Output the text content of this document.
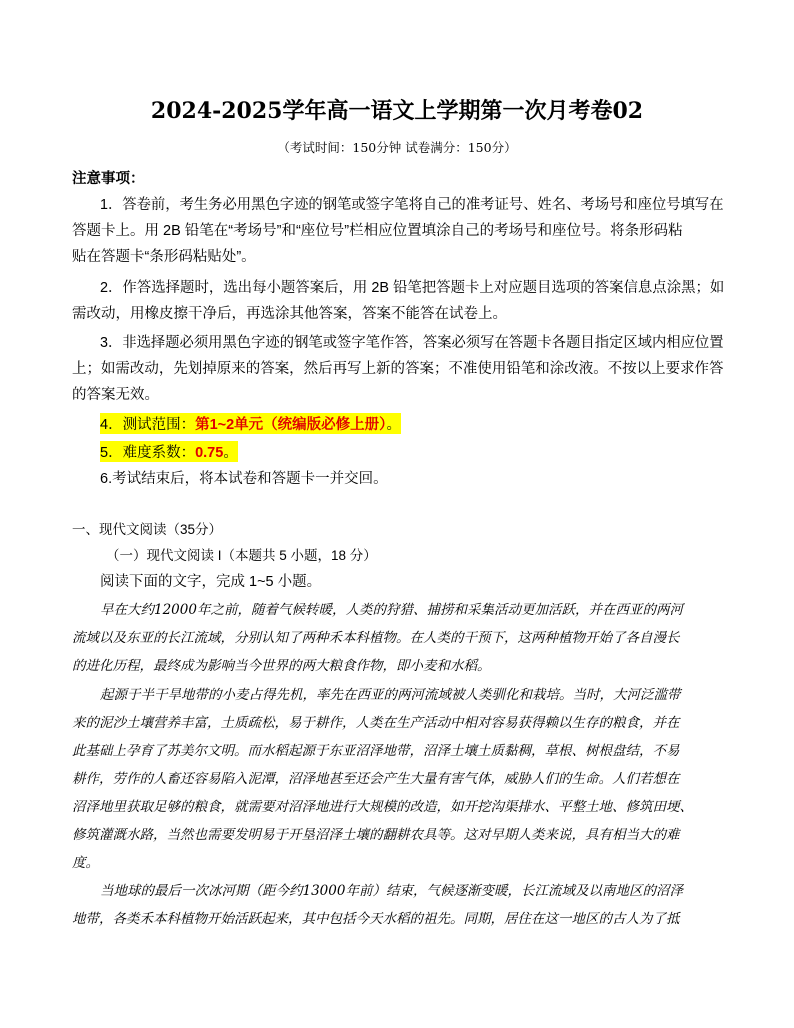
2024-2025学年高一语文上学期第一次月考卷02
（考试时间：150分钟 试卷满分：150分）
注意事项：
1．答卷前，考生务必用黑色字迹的钢笔或签字笔将自己的准考证号、姓名、考场号和座位号填写在
答题卡上。用 2B 铅笔在“考场号”和“座位号”栏相应位置填涂自己的考场号和座位号。将条形码粘
贴在答题卡“条形码粘贴处”。
2．作答选择题时，选出每小题答案后，用 2B 铅笔把答题卡上对应题目选项的答案信息点涂黑；如
需改动，用橡皮擦干净后，再选涂其他答案，答案不能答在试卷上。
3．非选择题必须用黑色字迹的钢笔或签字笔作答，答案必须写在答题卡各题目指定区域内相应位置
上；如需改动，先划掉原来的答案，然后再写上新的答案；不准使用铅笔和涂改液。不按以上要求作答
的答案无效。
4．测试范围：第1~2单元（统编版必修上册）。
5．难度系数：0.75。
6.考试结束后，将本试卷和答题卡一并交回。
一、现代文阅读（35分）
（一）现代文阅读 I（本题共 5 小题，18 分）
阅读下面的文字，完成 1~5 小题。
早在大约12000年之前，随着气候转暖，人类的狩猎、捕捞和采集活动更加活跃，并在西亚的两河
流域以及东亚的长江流域，分别认知了两种禾本科植物。在人类的干预下，这两种植物开始了各自漫长
的进化历程，最终成为影响当今世界的两大粮食作物，即小麦和水稻。
起源于半干旱地带的小麦占得先机，率先在西亚的两河流域被人类驯化和栽培。当时，大河泛滥带
来的泥沙土壤营养丰富，土质疏松，易于耕作，人类在生产活动中相对容易获得赖以生存的粮食，并在
此基础上孕育了苏美尔文明。而水稻起源于东亚沼泽地带，沼泽土壤土质黏稠，草根、树根盘结，不易
耕作，劳作的人畜还容易陷入泥潭，沼泽地甚至还会产生大量有害气体，威胁人们的生命。人们若想在
沼泽地里获取足够的粮食，就需要对沼泽地进行大规模的改造，如开挖沟渠排水、平整土地、修筑田埂、
修筑灌溉水路，当然也需要发明易于开垦沼泽土壤的翻耕农具等。这对早期人类来说，具有相当大的难
度。
当地球的最后一次冰河期（距今约13000年前）结束，气候逐渐变暖，长江流域及以南地区的沼泽
地带，各类禾本科植物开始活跃起来，其中包括今天水稻的祖先。同期，居住在这一地区的古人为了抵
